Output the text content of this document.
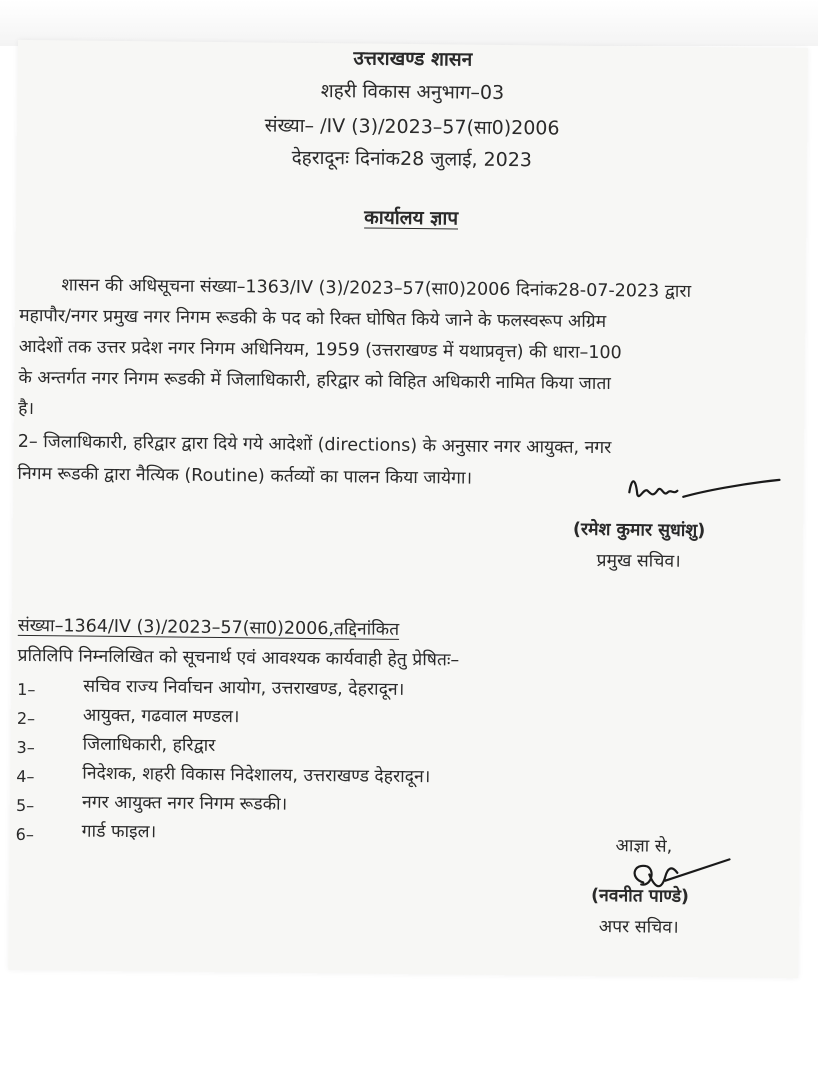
उत्तराखण्ड शासन
शहरी विकास अनुभाग–03
संख्या– /IV (3)/2023–57(सा0)2006
देहरादूनः दिनांक28 जुलाई, 2023
कार्यालय ज्ञाप
शासन की अधिसूचना संख्या–1363/IV (3)/2023–57(सा0)2006 दिनांक28-07-2023 द्वारा
महापौर/नगर प्रमुख नगर निगम रूडकी के पद को रिक्त घोषित किये जाने के फलस्वरूप अग्रिम
आदेशों तक उत्तर प्रदेश नगर निगम अधिनियम, 1959 (उत्तराखण्ड में यथाप्रवृत्त) की धारा–100
के अन्तर्गत नगर निगम रूडकी में जिलाधिकारी, हरिद्वार को विहित अधिकारी नामित किया जाता
है।
2– जिलाधिकारी, हरिद्वार द्वारा दिये गये आदेशों (directions) के अनुसार नगर आयुक्त, नगर
निगम रूडकी द्वारा नैत्यिक (Routine) कर्तव्यों का पालन किया जायेगा।
(रमेश कुमार सुधांशु)
प्रमुख सचिव।
संख्या–1364/IV (3)/2023–57(सा0)2006,तद्दिनांकित
प्रतिलिपि निम्नलिखित को सूचनार्थ एवं आवश्यक कार्यवाही हेतु प्रेषितः–
1–	सचिव राज्य निर्वाचन आयोग, उत्तराखण्ड, देहरादून।
2–	आयुक्त, गढवाल मण्डल।
3–	जिलाधिकारी, हरिद्वार
4–	निदेशक, शहरी विकास निदेशालय, उत्तराखण्ड देहरादून।
5–	नगर आयुक्त नगर निगम रूडकी।
6–	गार्ड फाइल।
आज्ञा से,
(नवनीत पाण्डे)
अपर सचिव।
